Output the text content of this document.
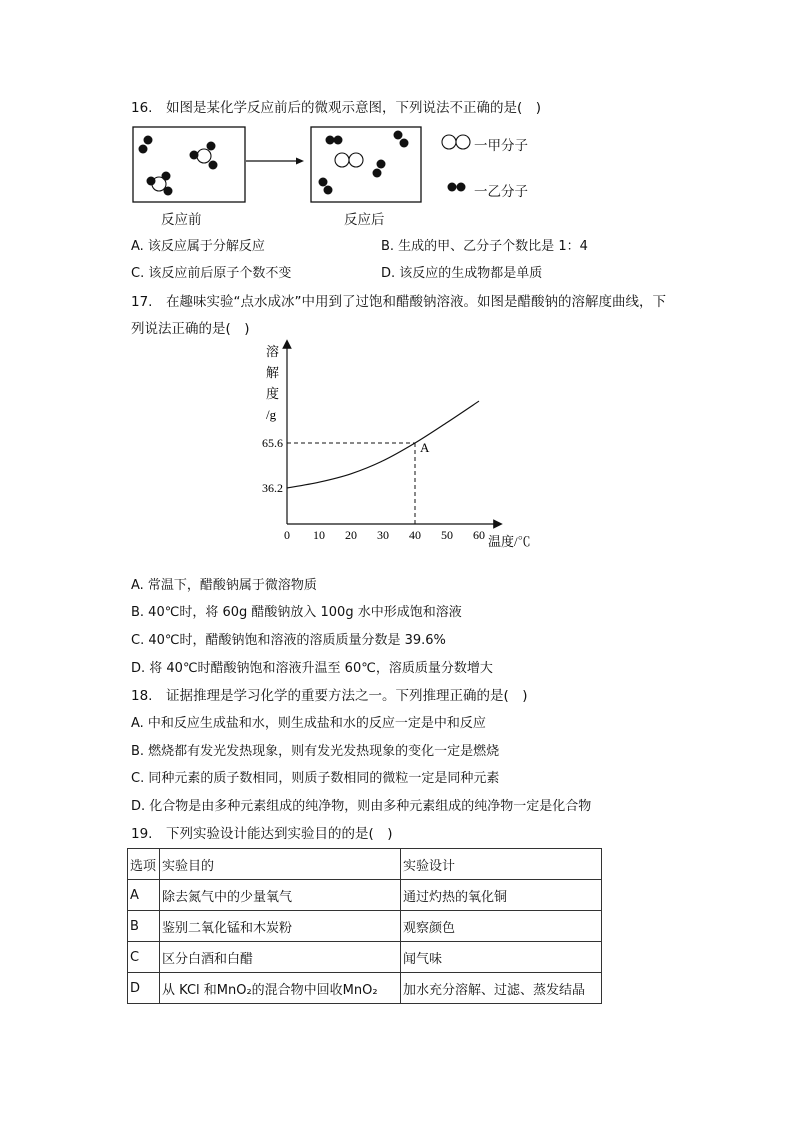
16.　如图是某化学反应前后的微观示意图，下列说法不正确的是(　)
一甲分子
一乙分子
反应前	反应后
A. 该反应属于分解反应	B. 生成的甲、乙分子个数比是 1：4
C. 该反应前后原子个数不变	D. 该反应的生成物都是单质
17.　在趣味实验“点水成冰”中用到了过饱和醋酸钠溶液。如图是醋酸钠的溶解度曲线，下
列说法正确的是(　)
溶
解
度
/g
0 10 20 30 40 50 60
36.2
65.6	A
温度/℃
A. 常温下，醋酸钠属于微溶物质
B. 40℃时，将 60g 醋酸钠放入 100g 水中形成饱和溶液
C. 40℃时，醋酸钠饱和溶液的溶质质量分数是 39.6%
D. 将 40℃时醋酸钠饱和溶液升温至 60℃，溶质质量分数增大
18.　证据推理是学习化学的重要方法之一。下列推理正确的是(　)
A. 中和反应生成盐和水，则生成盐和水的反应一定是中和反应
B. 燃烧都有发光发热现象，则有发光发热现象的变化一定是燃烧
C. 同种元素的质子数相同，则质子数相同的微粒一定是同种元素
D. 化合物是由多种元素组成的纯净物，则由多种元素组成的纯净物一定是化合物
19.　下列实验设计能达到实验目的的是(　)
选项	实验目的	实验设计
A	除去氮气中的少量氧气	通过灼热的氧化铜
B	鉴别二氧化锰和木炭粉	观察颜色
C	区分白酒和白醋	闻气味
D	从 KCl 和MnO₂的混合物中回收MnO₂	加水充分溶解、过滤、蒸发结晶
